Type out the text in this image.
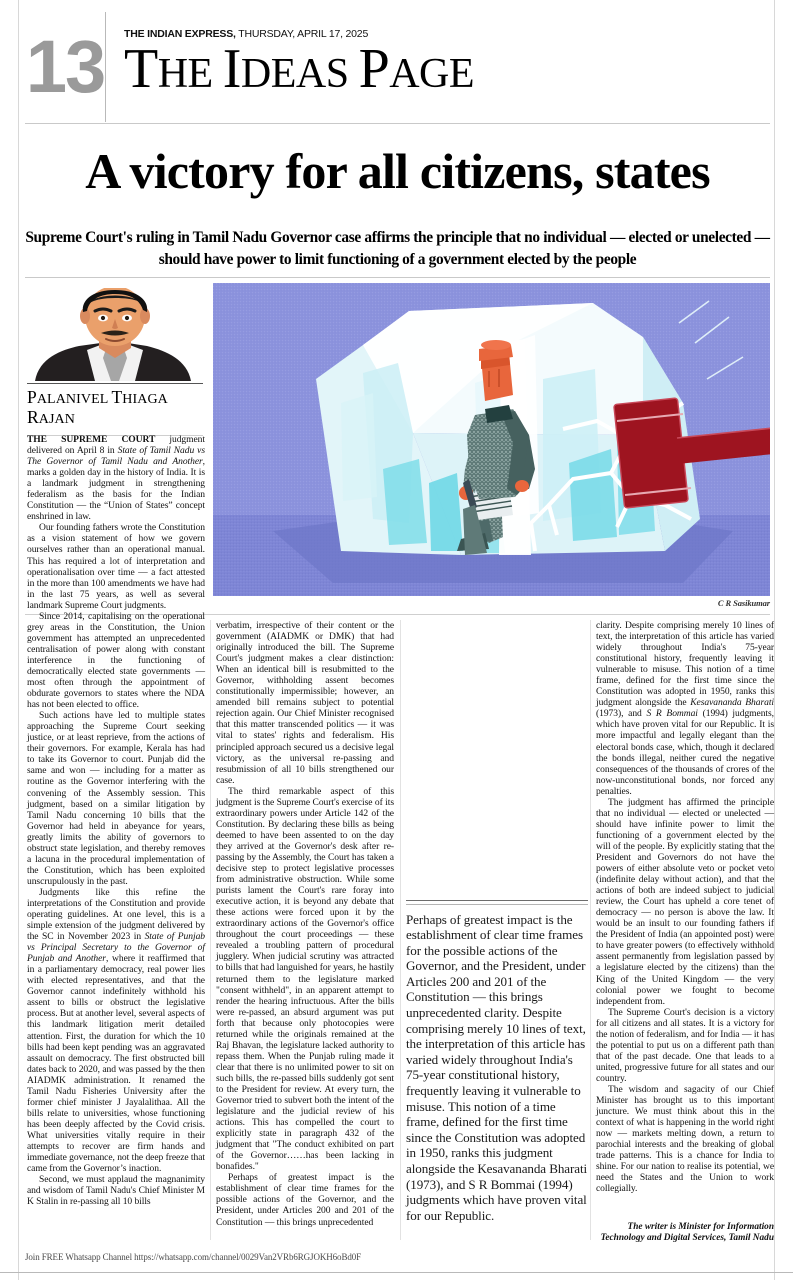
13 THE INDIAN EXPRESS, THURSDAY, APRIL 17, 2025
THE IDEAS PAGE
A victory for all citizens, states
Supreme Court's ruling in Tamil Nadu Governor case affirms the principle that no individual — elected or unelected — should have power to limit functioning of a government elected by the people
PALANIVEL THIAGA
RAJAN
C R Sasikumar

THE SUPREME COURT judgment delivered on April 8 in State of Tamil Nadu vs The Governor of Tamil Nadu and Another, marks a golden day in the history of India. It is a landmark judgment in strengthening federalism as the basis for the Indian Constitution — the “Union of States” concept enshrined in law.

Our founding fathers wrote the Constitution as a vision statement of how we govern ourselves rather than an operational manual. This has required a lot of interpretation and operationalisation over time — a fact attested in the more than 100 amendments we have had in the last 75 years, as well as several landmark Supreme Court judgments.

Since 2014, capitalising on the operational grey areas in the Constitution, the Union government has attempted an unprecedented centralisation of power along with constant interference in the functioning of democratically elected state governments — most often through the appointment of obdurate governors to states where the NDA has not been elected to office.

Such actions have led to multiple states approaching the Supreme Court seeking justice, or at least reprieve, from the actions of their governors. For example, Kerala has had to take its Governor to court. Punjab did the same and won — including for a matter as routine as the Governor interfering with the convening of the Assembly session. This judgment, based on a similar litigation by Tamil Nadu concerning 10 bills that the Governor had held in abeyance for years, greatly limits the ability of governors to obstruct state legislation, and thereby removes a lacuna in the procedural implementation of the Constitution, which has been exploited unscrupulously in the past.

Judgments like this refine the interpretations of the Constitution and provide operating guidelines. At one level, this is a simple extension of the judgment delivered by the SC in November 2023 in State of Punjab vs Principal Secretary to the Governor of Punjab and Another, where it reaffirmed that in a parliamentary democracy, real power lies with elected representatives, and that the Governor cannot indefinitely withhold his assent to bills or obstruct the legislative process. But at another level, several aspects of this landmark litigation merit detailed attention. First, the duration for which the 10 bills had been kept pending was an aggravated assault on democracy. The first obstructed bill dates back to 2020, and was passed by the then AIADMK administration. It renamed the Tamil Nadu Fisheries University after the former chief minister J Jayalalithaa. All the bills relate to universities, whose functioning has been deeply affected by the Covid crisis. What universities vitally require in their attempts to recover are firm hands and immediate governance, not the deep freeze that came from the Governor’s inaction.

Second, we must applaud the magnanimity and wisdom of Tamil Nadu's Chief Minister M K Stalin in re-passing all 10 bills

verbatim, irrespective of their content or the government (AIADMK or DMK) that had originally introduced the bill. The Supreme Court's judgment makes a clear distinction: When an identical bill is resubmitted to the Governor, withholding assent becomes constitutionally impermissible; however, an amended bill remains subject to potential rejection again. Our Chief Minister recognised that this matter transcended politics — it was vital to states' rights and federalism. His principled approach secured us a decisive legal victory, as the universal re-passing and resubmission of all 10 bills strengthened our case.

The third remarkable aspect of this judgment is the Supreme Court's exercise of its extraordinary powers under Article 142 of the Constitution. By declaring these bills as being deemed to have been assented to on the day they arrived at the Governor's desk after re-passing by the Assembly, the Court has taken a decisive step to protect legislative processes from administrative obstruction. While some purists lament the Court's rare foray into executive action, it is beyond any debate that these actions were forced upon it by the extraordinary actions of the Governor's office throughout the court proceedings — these revealed a troubling pattern of procedural jugglery. When judicial scrutiny was attracted to bills that had languished for years, he hastily returned them to the legislature marked "consent withheld", in an apparent attempt to render the hearing infructuous. After the bills were re-passed, an absurd argument was put forth that because only photocopies were returned while the originals remained at the Raj Bhavan, the legislature lacked authority to repass them. When the Punjab ruling made it clear that there is no unlimited power to sit on such bills, the re-passed bills suddenly got sent to the President for review. At every turn, the Governor tried to subvert both the intent of the legislature and the judicial review of his actions. This has compelled the court to explicitly state in paragraph 432 of the judgment that "The conduct exhibited on part of the Governor……has been lacking in bonafides."

Perhaps of greatest impact is the establishment of clear time frames for the possible actions of the Governor, and the President, under Articles 200 and 201 of the Constitution — this brings unprecedented

clarity. Despite comprising merely 10 lines of text, the interpretation of this article has varied widely throughout India's 75-year constitutional history, frequently leaving it vulnerable to misuse. This notion of a time frame, defined for the first time since the Constitution was adopted in 1950, ranks this judgment alongside the Kesavananda Bharati (1973), and S R Bommai (1994) judgments, which have proven vital for our Republic. It is more impactful and legally elegant than the electoral bonds case, which, though it declared the bonds illegal, neither cured the negative consequences of the thousands of crores of the now-unconstitutional bonds, nor forced any penalties.

The judgment has affirmed the principle that no individual — elected or unelected — should have infinite power to limit the functioning of a government elected by the will of the people. By explicitly stating that the President and Governors do not have the powers of either absolute veto or pocket veto (indefinite delay without action), and that the actions of both are indeed subject to judicial review, the Court has upheld a core tenet of democracy — no person is above the law. It would be an insult to our founding fathers if the President of India (an appointed post) were to have greater powers (to effectively withhold assent permanently from legislation passed by a legislature elected by the citizens) than the King of the United Kingdom — the very colonial power we fought to become independent from.

The Supreme Court's decision is a victory for all citizens and all states. It is a victory for the notion of federalism, and for India — it has the potential to put us on a different path than that of the past decade. One that leads to a united, progressive future for all states and our country.

The wisdom and sagacity of our Chief Minister has brought us to this important juncture. We must think about this in the context of what is happening in the world right now — markets melting down, a return to parochial interests and the breaking of global trade patterns. This is a chance for India to shine. For our nation to realise its potential, we need the States and the Union to work collegially.

Perhaps of greatest impact is the establishment of clear time frames for the possible actions of the Governor, and the President, under Articles 200 and 201 of the Constitution — this brings unprecedented clarity. Despite comprising merely 10 lines of text, the interpretation of this article has varied widely throughout India's 75-year constitutional history, frequently leaving it vulnerable to misuse. This notion of a time frame, defined for the first time since the Constitution was adopted in 1950, ranks this judgment alongside the Kesavananda Bharati (1973), and S R Bommai (1994) judgments which have proven vital for our Republic.
The writer is Minister for Information Technology and Digital Services, Tamil Nadu
Join FREE Whatsapp Channel https://whatsapp.com/channel/0029Van2VRb6RGJOKH6oBd0F
